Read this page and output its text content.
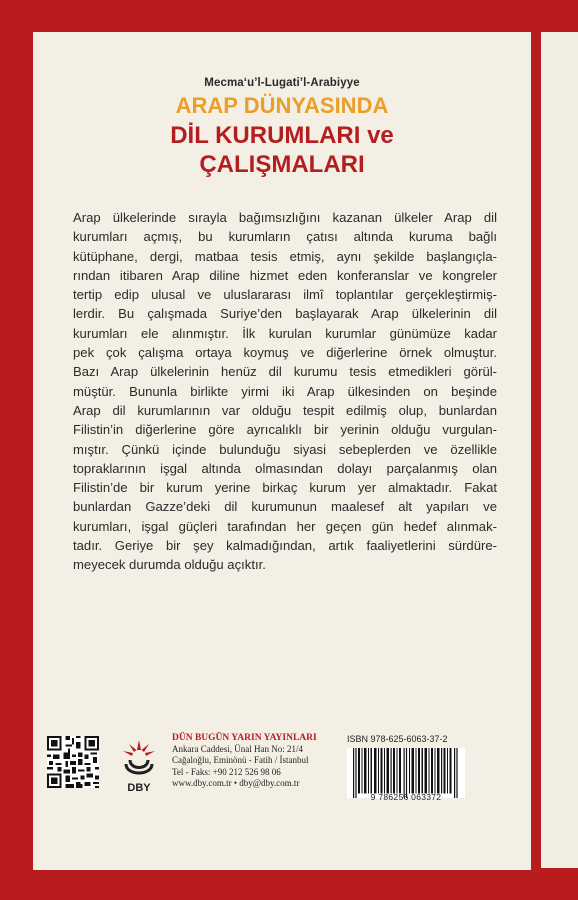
Mecma‘u’l-Lugati’l-Arabiyye
ARAP DÜNYASINDA
DİL KURUMLARI ve
ÇALIŞMALARI
Arap ülkelerinde sırayla bağımsızlığını kazanan ülkeler Arap dil
kurumları açmış, bu kurumların çatısı altında kuruma bağlı
kütüphane, dergi, matbaa tesis etmiş, aynı şekilde başlangıçla-
rından itibaren Arap diline hizmet eden konferanslar ve kongreler
tertip edip ulusal ve uluslararası ilmî toplantılar gerçekleştirmiş-
lerdir. Bu çalışmada Suriye’den başlayarak Arap ülkelerinin dil
kurumları ele alınmıştır. İlk kurulan kurumlar günümüze kadar
pek çok çalışma ortaya koymuş ve diğerlerine örnek olmuştur.
Bazı Arap ülkelerinin henüz dil kurumu tesis etmedikleri görül-
müştür. Bununla birlikte yirmi iki Arap ülkesinden on beşinde
Arap dil kurumlarının var olduğu tespit edilmiş olup, bunlardan
Filistin’in diğerlerine göre ayrıcalıklı bir yerinin olduğu vurgulan-
mıştır. Çünkü içinde bulunduğu siyasi sebeplerden ve özellikle
topraklarının işgal altında olmasından dolayı parçalanmış olan
Filistin’de bir kurum yerine birkaç kurum yer almaktadır. Fakat
bunlardan Gazze’deki dil kurumunun maalesef alt yapıları ve
kurumları, işgal güçleri tarafından her geçen gün hedef alınmak-
tadır. Geriye bir şey kalmadığından, artık faaliyetlerini sürdüre-
meyecek durumda olduğu açıktır.
DBY
DÜN BUGÜN YARIN YAYINLARI
Ankara Caddesi, Ünal Han No: 21/4
Cağaloğlu, Eminönü - Fatih / İstanbul
Tel - Faks: +90 212 526 98 06
www.dby.com.tr • dby@dby.com.tr
ISBN 978-625-6063-37-2
9 786256 063372
